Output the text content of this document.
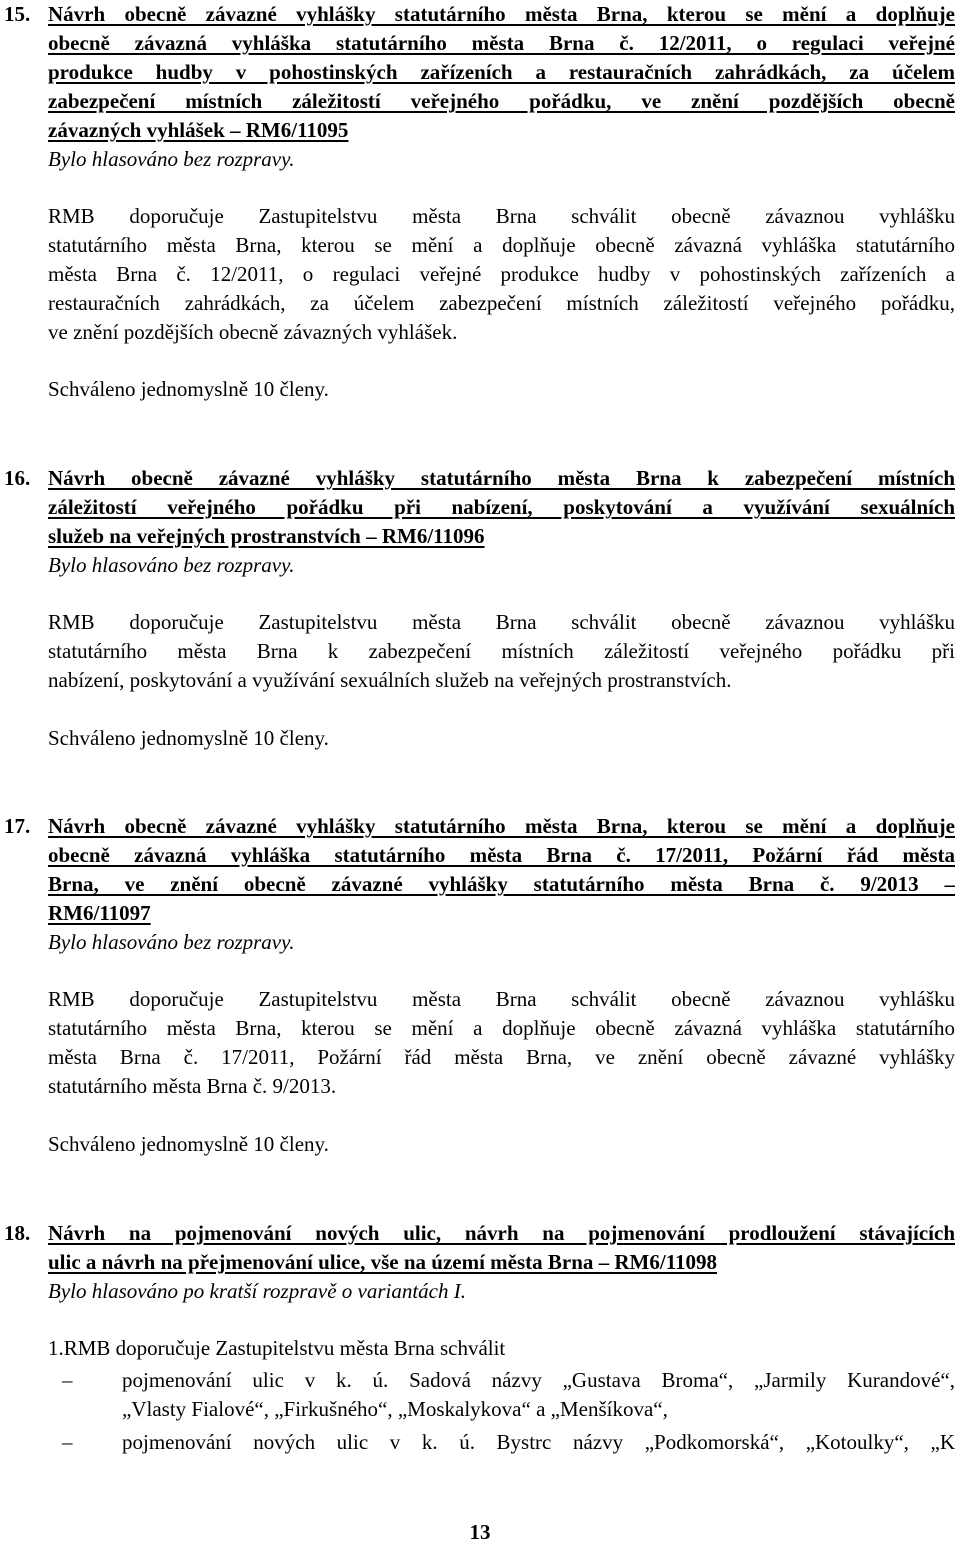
15. Návrh obecně závazné vyhlášky statutárního města Brna, kterou se mění a doplňuje
obecně závazná vyhláška statutárního města Brna č. 12/2011, o regulaci veřejné
produkce hudby v pohostinských zařízeních a restauračních zahrádkách, za účelem
zabezpečení místních záležitostí veřejného pořádku, ve znění pozdějších obecně
závazných vyhlášek – RM6/11095
Bylo hlasováno bez rozpravy.
RMB doporučuje Zastupitelstvu města Brna schválit obecně závaznou vyhlášku
statutárního města Brna, kterou se mění a doplňuje obecně závazná vyhláška statutárního
města Brna č. 12/2011, o regulaci veřejné produkce hudby v pohostinských zařízeních a
restauračních zahrádkách, za účelem zabezpečení místních záležitostí veřejného pořádku,
ve znění pozdějších obecně závazných vyhlášek.
Schváleno jednomyslně 10 členy.
16. Návrh obecně závazné vyhlášky statutárního města Brna k zabezpečení místních
záležitostí veřejného pořádku při nabízení, poskytování a využívání sexuálních
služeb na veřejných prostranstvích – RM6/11096
Bylo hlasováno bez rozpravy.
RMB doporučuje Zastupitelstvu města Brna schválit obecně závaznou vyhlášku
statutárního města Brna k zabezpečení místních záležitostí veřejného pořádku při
nabízení, poskytování a využívání sexuálních služeb na veřejných prostranstvích.
Schváleno jednomyslně 10 členy.
17. Návrh obecně závazné vyhlášky statutárního města Brna, kterou se mění a doplňuje
obecně závazná vyhláška statutárního města Brna č. 17/2011, Požární řád města
Brna, ve znění obecně závazné vyhlášky statutárního města Brna č. 9/2013 –
RM6/11097
Bylo hlasováno bez rozpravy.
RMB doporučuje Zastupitelstvu města Brna schválit obecně závaznou vyhlášku
statutárního města Brna, kterou se mění a doplňuje obecně závazná vyhláška statutárního
města Brna č. 17/2011, Požární řád města Brna, ve znění obecně závazné vyhlášky
statutárního města Brna č. 9/2013.
Schváleno jednomyslně 10 členy.
18. Návrh na pojmenování nových ulic, návrh na pojmenování prodloužení stávajících
ulic a návrh na přejmenování ulice, vše na území města Brna – RM6/11098
Bylo hlasováno po kratší rozpravě o variantách I.
1.RMB doporučuje Zastupitelstvu města Brna schválit
–	pojmenování ulic v k. ú. Sadová názvy „Gustava Broma“, „Jarmily Kurandové“,
„Vlasty Fialové“, „Firkušného“, „Moskalykova“ a „Menšíkova“,
–	pojmenování nových ulic v k. ú. Bystrc názvy „Podkomorská“, „Kotoulky“, „K
13
